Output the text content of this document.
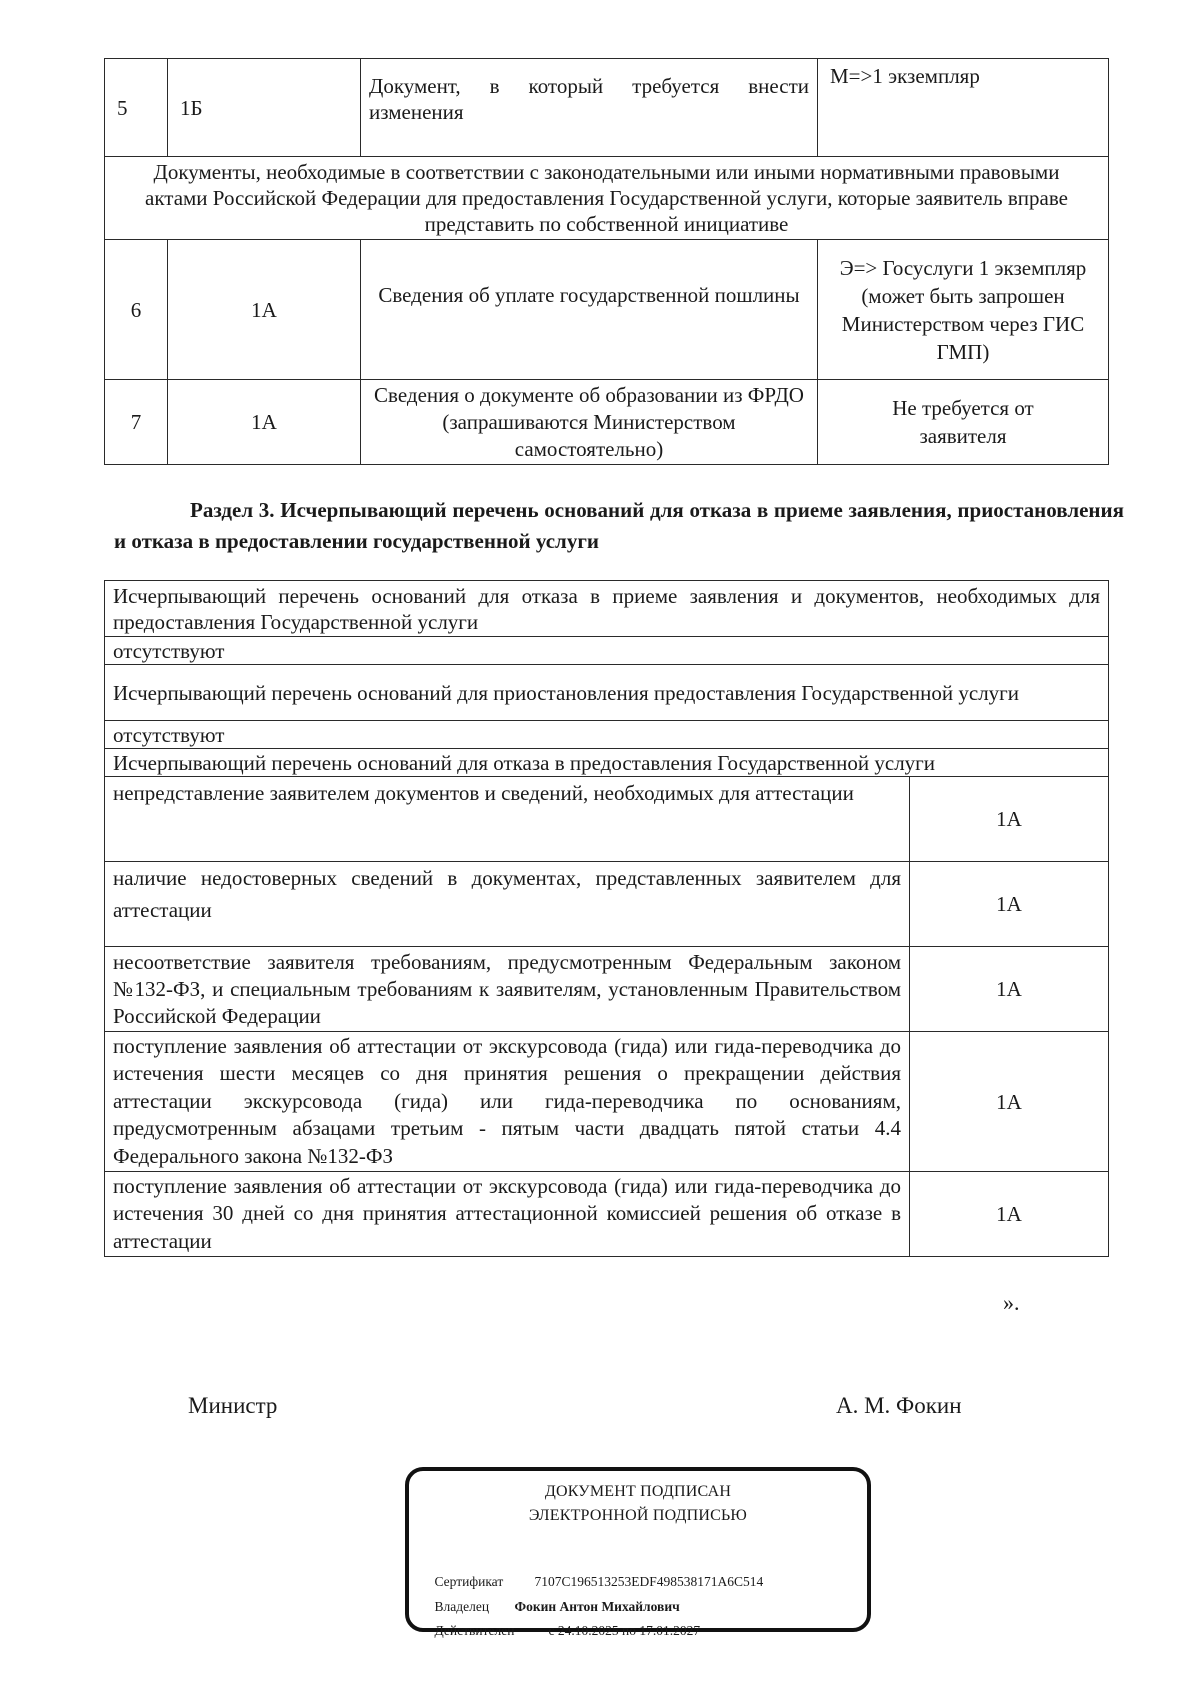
5	1Б	Документ, в который требуется внести изменения	М=>1 экземпляр
Документы, необходимые в соответствии с законодательными или иными нормативными правовыми актами Российской Федерации для предоставления Государственной услуги, которые заявитель вправе представить по собственной инициативе			
6	1А	Сведения об уплате государственной пошлины	Э=> Госуслуги 1 экземпляр (может быть запрошен Министерством через ГИС ГМП)
7	1А	Сведения о документе об образовании из ФРДО (запрашиваются Министерством самостоятельно)	Не требуется от заявителя
Раздел 3. Исчерпывающий перечень оснований для отказа в приеме заявления, приостановления и отказа в предоставлении государственной услуги
Исчерпывающий перечень оснований для отказа в приеме заявления и документов, необходимых для предоставления Государственной услуги	
отсутствуют	
Исчерпывающий перечень оснований для приостановления предоставления Государственной услуги	
отсутствуют	
Исчерпывающий перечень оснований для отказа в предоставления Государственной услуги	
непредставление заявителем документов и сведений, необходимых для аттестации	1А
наличие недостоверных сведений в документах, представленных заявителем для аттестации	1А
несоответствие заявителя требованиям, предусмотренным Федеральным законом №132-ФЗ, и специальным требованиям к заявителям, установленным Правительством Российской Федерации	1А
поступление заявления об аттестации от экскурсовода (гида) или гида-переводчика до истечения шести месяцев со дня принятия решения о прекращении действия аттестации экскурсовода (гида) или гида-переводчика по основаниям, предусмотренным абзацами третьим - пятым части двадцать пятой статьи 4.4 Федерального закона №132-ФЗ	1А
поступление заявления об аттестации от экскурсовода (гида) или гида-переводчика до истечения 30 дней со дня принятия аттестационной комиссией решения об отказе в аттестации	1А
».
Министр	А. М. Фокин
ДОКУМЕНТ ПОДПИСАН
ЭЛЕКТРОННОЙ ПОДПИСЬЮ

Сертификат 7107C196513253EDF498538171A6C514

Владелец Фокин Антон Михайлович

Действителен	с 24.10.2025 по 17.01.2027
